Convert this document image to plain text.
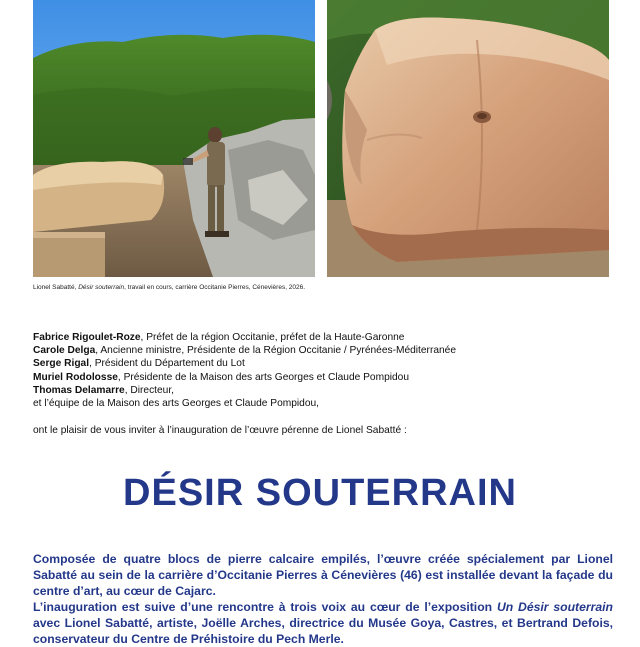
Lionel Sabatté, Désir souterrain, travail en cours, carrière Occitanie Pierres, Cénevières, 2026.
Fabrice Rigoulet-Roze, Préfet de la région Occitanie, préfet de la Haute-Garonne
Carole Delga, Ancienne ministre, Présidente de la Région Occitanie / Pyrénées-Méditerranée
Serge Rigal, Président du Département du Lot
Muriel Rodolosse, Présidente de la Maison des arts Georges et Claude Pompidou
Thomas Delamarre, Directeur,
et l’équipe de la Maison des arts Georges et Claude Pompidou,
ont le plaisir de vous inviter à l’inauguration de l’œuvre pérenne de Lionel Sabatté :
DÉSIR SOUTERRAIN

Composée de quatre blocs de pierre calcaire empilés, l’œuvre créée spécialement par Lionel Sabatté au sein de la carrière d’Occitanie Pierres à Cénevières (46) est installée devant la façade du centre d’art, au cœur de Cajarc.

L’inauguration est suive d’une rencontre à trois voix au cœur de l’exposition Un Désir souterrain avec Lionel Sabatté, artiste, Joëlle Arches, directrice du Musée Goya, Castres, et Bertrand Defois, conservateur du Centre de Préhistoire du Pech Merle.
